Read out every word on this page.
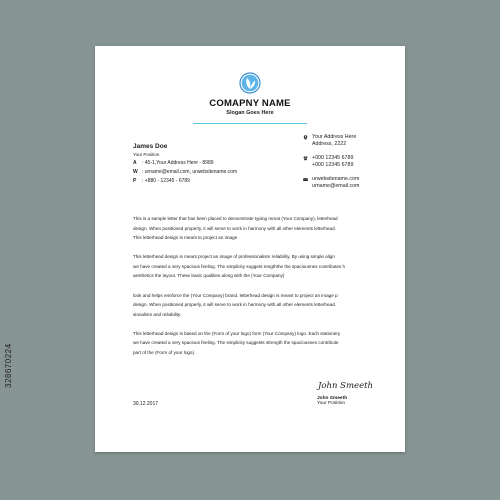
COMAPNY NAME
Slogan Goes Here
James Doe
Your Position
A : 45-1,Your Address Here - 8989
W : urname@email.com, urwebsitename.com
P : +880 - 12345 - 6789
Your Address Here
Address, 2222
+000 12345 6789
+000 12345 6789
urwebsitename.com
urname@email.com
This is a sample letter that has been placed to demonstrate typing remat (Your Company), letterhead
design. When positioned properly, it will serve to work in harmony with all other elements letterhead.
This letterhead design is meant to project an image
This letterhead design is meant project an image of professionalism reliability. By using simple align
we have created a very spacious feeling. The simplicity suggest rengththe the spaciousnes contributes h
aesthetics the layout. These basic qualities along with the (Your Company)
look and helps reinforce the (Your Company) brand. letterhead design is meant to project an image p
design. When positioned properly, it will serve to work in harmony with all other elements letterhead.
sionalism and reliability.
This letterhead design is based on the (Form of your logo) form (Your Company) logo. Each stationery
we have created a very spacious feeling. The simplicity suggests strength the spaciousnes contribute
part of the (Form of your logo).
30.12.2017
John Smeeth
John Smeeth
Your Position
328670224
